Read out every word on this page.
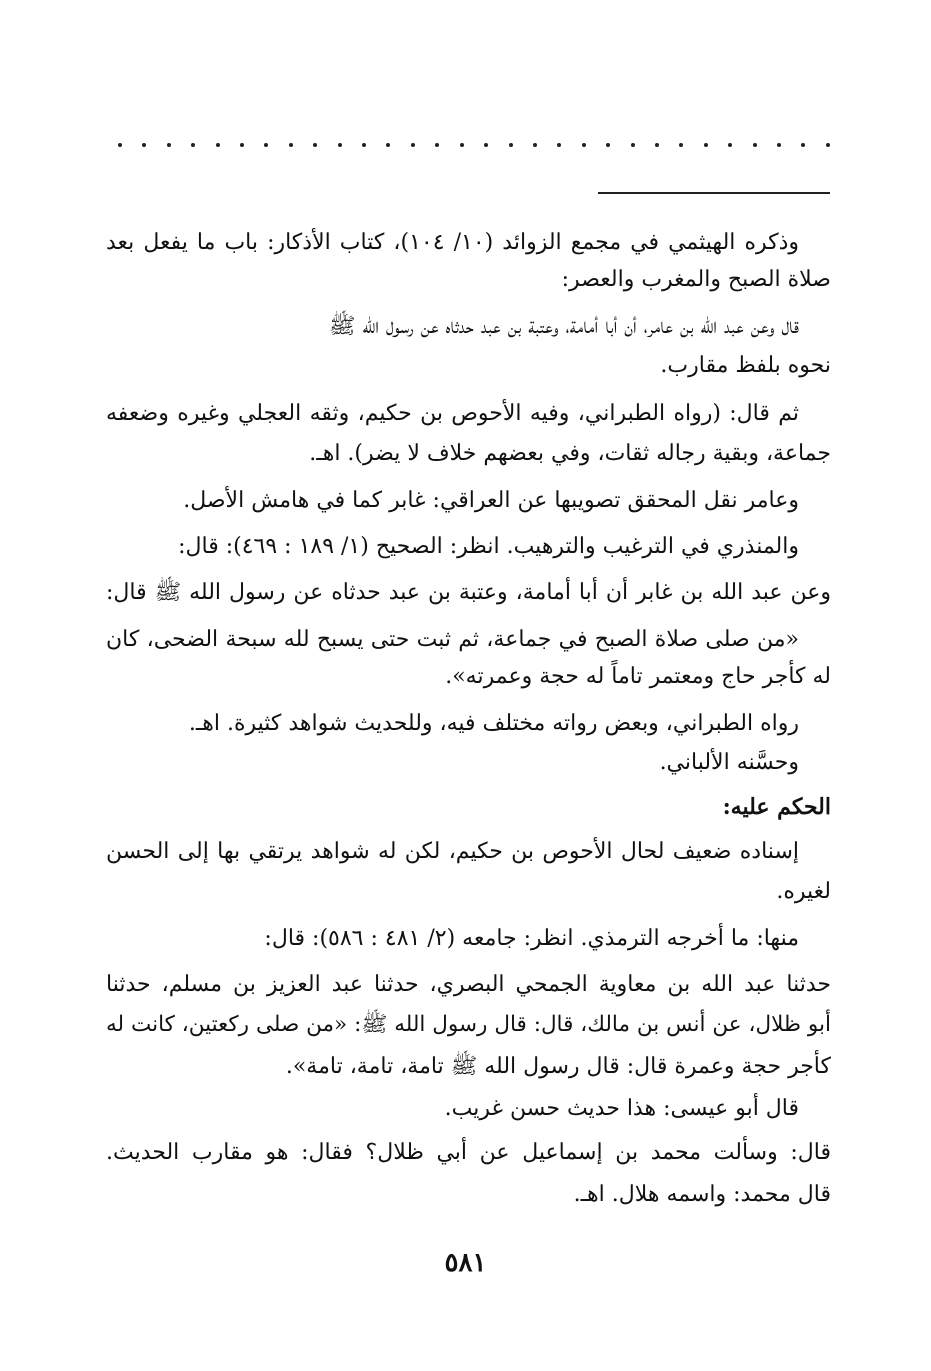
وذكره الهيثمي في مجمع الزوائد (١٠/ ١٠٤)، كتاب الأذكار: باب ما يفعل بعد
صلاة الصبح والمغرب والعصر:
قال وعن عبد الله بن عامر، أن أبا أمامة، وعتبة بن عبد حدثاه عن رسول الله ﷺ
نحوه بلفظ مقارب.
ثم قال: (رواه الطبراني، وفيه الأحوص بن حكيم، وثقه العجلي وغيره وضعفه
جماعة، وبقية رجاله ثقات، وفي بعضهم خلاف لا يضر). اهـ.
وعامر نقل المحقق تصويبها عن العراقي: غابر كما في هامش الأصل.
والمنذري في الترغيب والترهيب. انظر: الصحيح (١/ ١٨٩ : ٤٦٩): قال:
وعن عبد الله بن غابر أن أبا أمامة، وعتبة بن عبد حدثاه عن رسول الله ﷺ قال:
«من صلى صلاة الصبح في جماعة، ثم ثبت حتى يسبح لله سبحة الضحى، كان
له كأجر حاج ومعتمر تاماً له حجة وعمرته».
رواه الطبراني، وبعض رواته مختلف فيه، وللحديث شواهد كثيرة. اهـ.
وحسَّنه الألباني.
الحكم عليه:
إسناده ضعيف لحال الأحوص بن حكيم، لكن له شواهد يرتقي بها إلى الحسن
لغيره.
منها: ما أخرجه الترمذي. انظر: جامعه (٢/ ٤٨١ : ٥٨٦): قال:
حدثنا عبد الله بن معاوية الجمحي البصري، حدثنا عبد العزيز بن مسلم، حدثنا
أبو ظلال، عن أنس بن مالك، قال: قال رسول الله ﷺ: «من صلى ركعتين، كانت له
كأجر حجة وعمرة قال: قال رسول الله ﷺ تامة، تامة، تامة».
قال أبو عيسى: هذا حديث حسن غريب.
قال: وسألت محمد بن إسماعيل عن أبي ظلال؟ فقال: هو مقارب الحديث.
قال محمد: واسمه هلال. اهـ.
٥٨١
